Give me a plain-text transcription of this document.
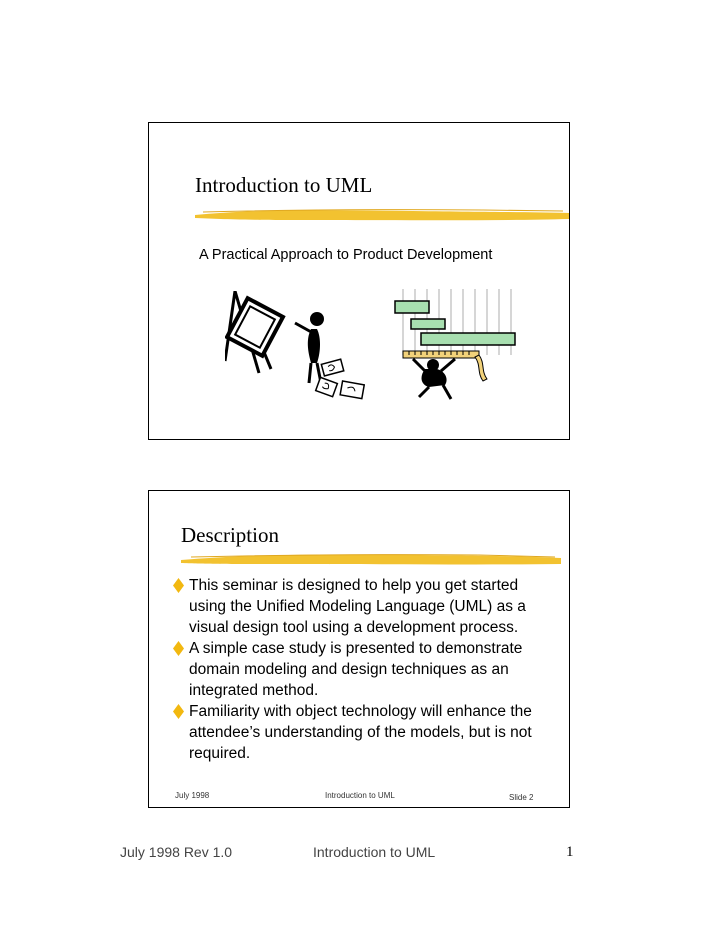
Introduction to UML
A Practical Approach to Product Development
Description
This seminar is designed to help you get started using the Unified Modeling Language (UML) as a visual design tool using a development process.
A simple case study is presented to demonstrate domain modeling and design techniques as an integrated method.
Familiarity with object technology will enhance the attendee’s understanding of the models, but is not required.
July 1998	Introduction to UML	Slide 2
July 1998 Rev 1.0	Introduction to UML	1
